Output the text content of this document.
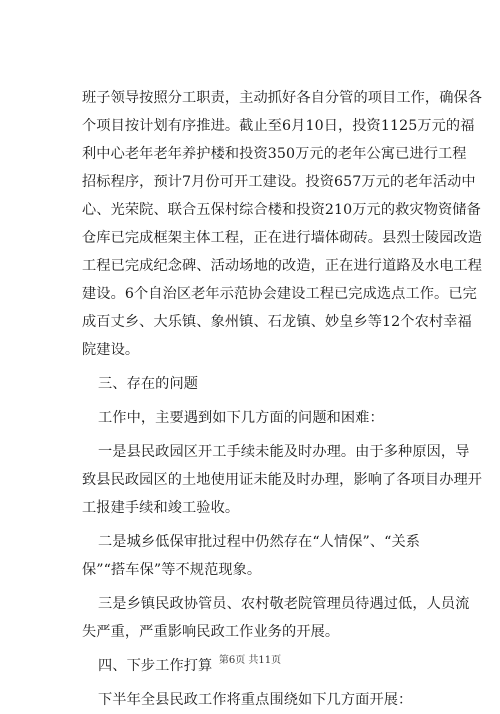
班子领导按照分工职责，主动抓好各自分管的项目工作，确保各
个项目按计划有序推进。截止至6月10日，投资1125万元的福
利中心老年老年养护楼和投资350万元的老年公寓已进行工程
招标程序，预计7月份可开工建设。投资657万元的老年活动中
心、光荣院、联合五保村综合楼和投资210万元的救灾物资储备
仓库已完成框架主体工程，正在进行墙体砌砖。县烈士陵园改造
工程已完成纪念碑、活动场地的改造，正在进行道路及水电工程
建设。6个自治区老年示范协会建设工程已完成选点工作。已完
成百丈乡、大乐镇、象州镇、石龙镇、妙皇乡等12个农村幸福
院建设。
三、存在的问题
工作中，主要遇到如下几方面的问题和困难：
一是县民政园区开工手续未能及时办理。由于多种原因，导
致县民政园区的土地使用证未能及时办理，影响了各项目办理开
工报建手续和竣工验收。
二是城乡低保审批过程中仍然存在“人情保”、“关系
保”“搭车保”等不规范现象。
三是乡镇民政协管员、农村敬老院管理员待遇过低，人员流
失严重，严重影响民政工作业务的开展。
四、下步工作打算
下半年全县民政工作将重点围绕如下几方面开展：
第6页 共11页
